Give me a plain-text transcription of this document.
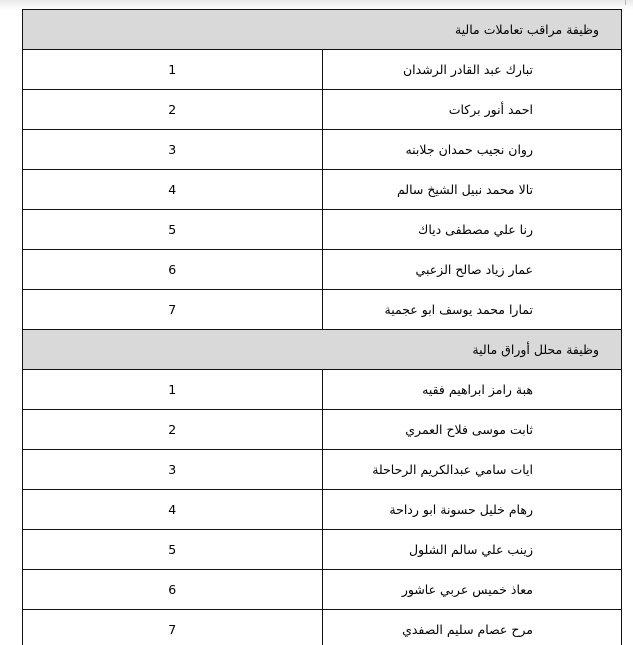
وظيفة مراقب تعاملات مالية	
تبارك عبد القادر الرشدان	1
احمد أنور بركات	2
روان نجيب حمدان جلابنه	3
تالا محمد نبيل الشيخ سالم	4
رنا علي مصطفى دياك	5
عمار زياد صالح الزعبي	6
تمارا محمد يوسف ابو عجمية	7
وظيفة محلل أوراق مالية	
هبة رامز ابراهيم فقيه	1
ثابت موسى فلاح العمري	2
ايات سامي عبدالكريم الرحاحلة	3
رهام خليل حسونة ابو رداحة	4
زينب علي سالم الشلول	5
معاذ خميس عربي عاشور	6
مرح عصام سليم الصفدي	7
